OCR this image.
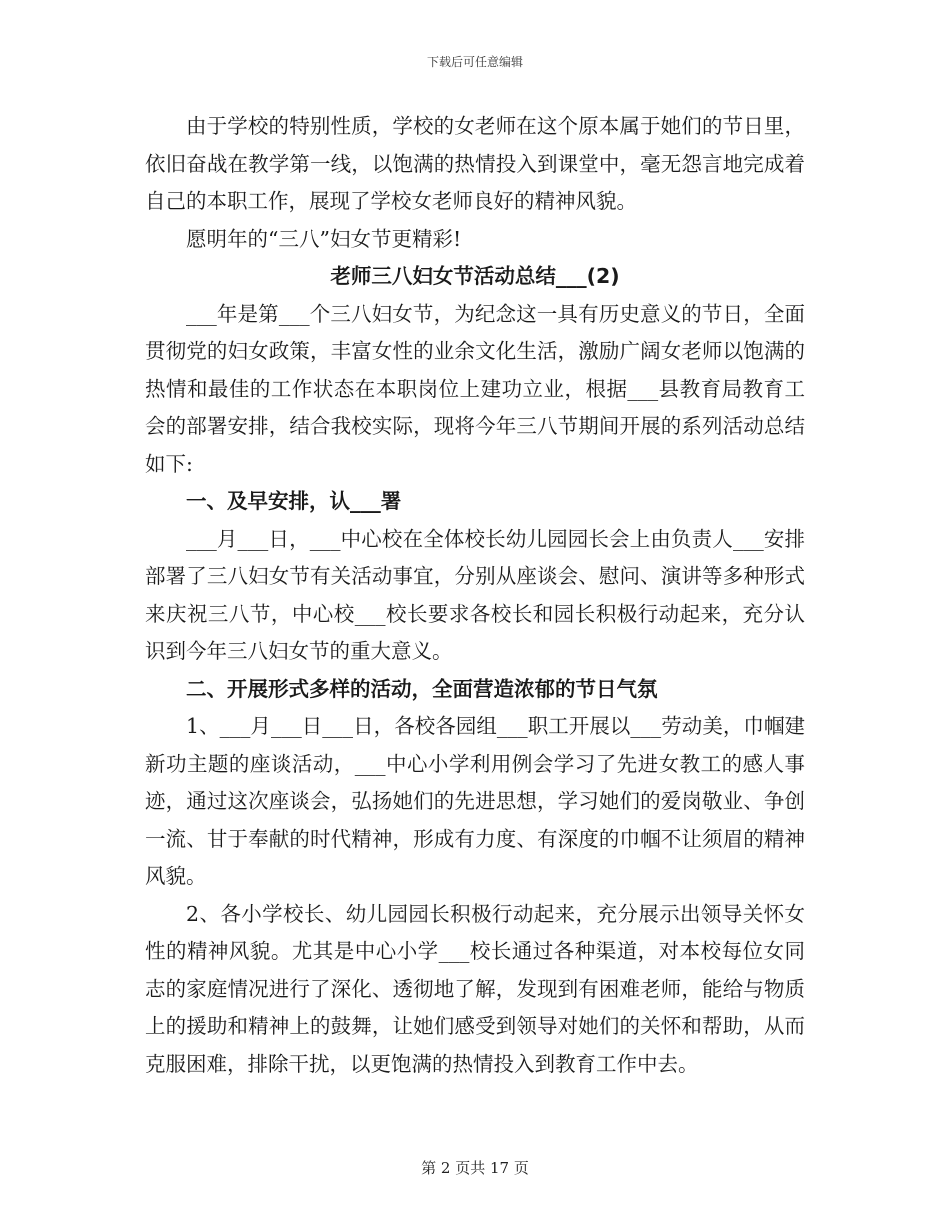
下载后可任意编辑

由于学校的特别性质，学校的女老师在这个原本属于她们的节日里，依旧奋战在教学第一线，以饱满的热情投入到课堂中，毫无怨言地完成着自己的本职工作，展现了学校女老师良好的精神风貌。

愿明年的“三八”妇女节更精彩!

老师三八妇女节活动总结___(2)

___年是第___个三八妇女节，为纪念这一具有历史意义的节日，全面贯彻党的妇女政策，丰富女性的业余文化生活，激励广阔女老师以饱满的热情和最佳的工作状态在本职岗位上建功立业，根据___县教育局教育工会的部署安排，结合我校实际，现将今年三八节期间开展的系列活动总结如下:

一、及早安排，认___署

___月___日，___中心校在全体校长幼儿园园长会上由负责人___安排部署了三八妇女节有关活动事宜，分别从座谈会、慰问、演讲等多种形式来庆祝三八节，中心校___校长要求各校长和园长积极行动起来，充分认识到今年三八妇女节的重大意义。

二、开展形式多样的活动，全面营造浓郁的节日气氛

1、___月___日___日，各校各园组___职工开展以___劳动美，巾帼建新功主题的座谈活动，___中心小学利用例会学习了先进女教工的感人事迹，通过这次座谈会，弘扬她们的先进思想，学习她们的爱岗敬业、争创一流、甘于奉献的时代精神，形成有力度、有深度的巾帼不让须眉的精神风貌。

2、各小学校长、幼儿园园长积极行动起来，充分展示出领导关怀女性的精神风貌。尤其是中心小学___校长通过各种渠道，对本校每位女同志的家庭情况进行了深化、透彻地了解，发现到有困难老师，能给与物质上的援助和精神上的鼓舞，让她们感受到领导对她们的关怀和帮助，从而克服困难，排除干扰，以更饱满的热情投入到教育工作中去。

第 2 页共 17 页
